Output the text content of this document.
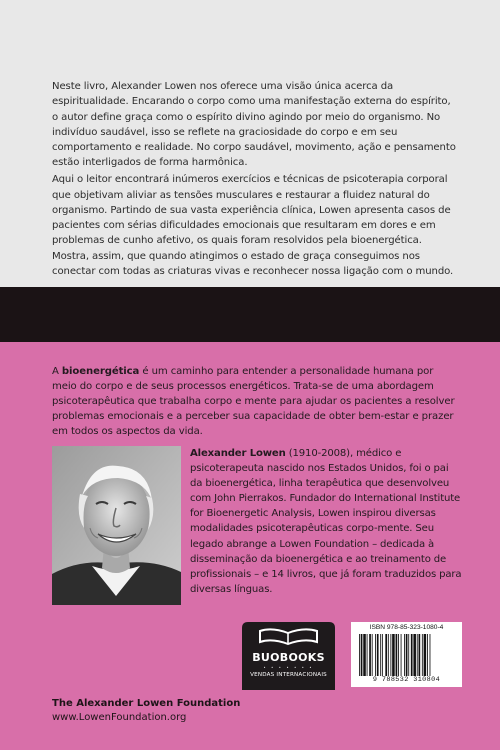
Neste livro, Alexander Lowen nos oferece uma visão única acerca da espiritualidade. Encarando o corpo como uma manifestação externa do espírito, o autor define graça como o espírito divino agindo por meio do organismo. No indivíduo saudável, isso se reflete na graciosidade do corpo e em seu comportamento e realidade. No corpo saudável, movimento, ação e pensamento estão interligados de forma harmônica.

Aqui o leitor encontrará inúmeros exercícios e técnicas de psicoterapia corporal que objetivam aliviar as tensões musculares e restaurar a fluidez natural do organismo. Partindo de sua vasta experiência clínica, Lowen apresenta casos de pacientes com sérias dificuldades emocionais que resultaram em dores e em problemas de cunho afetivo, os quais foram resolvidos pela bioenergética. Mostra, assim, que quando atingimos o estado de graça conseguimos nos conectar com todas as criaturas vivas e reconhecer nossa ligação com o mundo.

A bioenergética é um caminho para entender a personalidade humana por meio do corpo e de seus processos energéticos. Trata-se de uma abordagem psicoterapêutica que trabalha corpo e mente para ajudar os pacientes a resolver problemas emocionais e a perceber sua capacidade de obter bem-estar e prazer em todos os aspectos da vida.

Alexander Lowen (1910-2008), médico e psicoterapeuta nascido nos Estados Unidos, foi o pai da bioenergética, linha terapêutica que desenvolveu com John Pierrakos. Fundador do International Institute for Bioenergetic Analysis, Lowen inspirou diversas modalidades psicoterapêuticas corpo-mente. Seu legado abrange a Lowen Foundation – dedicada à disseminação da bioenergética e ao treinamento de profissionais – e 14 livros, que já foram traduzidos para diversas línguas.

BUOBOOKS
• • • • • • •
VENDAS INTERNACIONAIS
ISBN 978-85-323-1080-4
9 788532 310804
The Alexander Lowen Foundation
www.LowenFoundation.org
